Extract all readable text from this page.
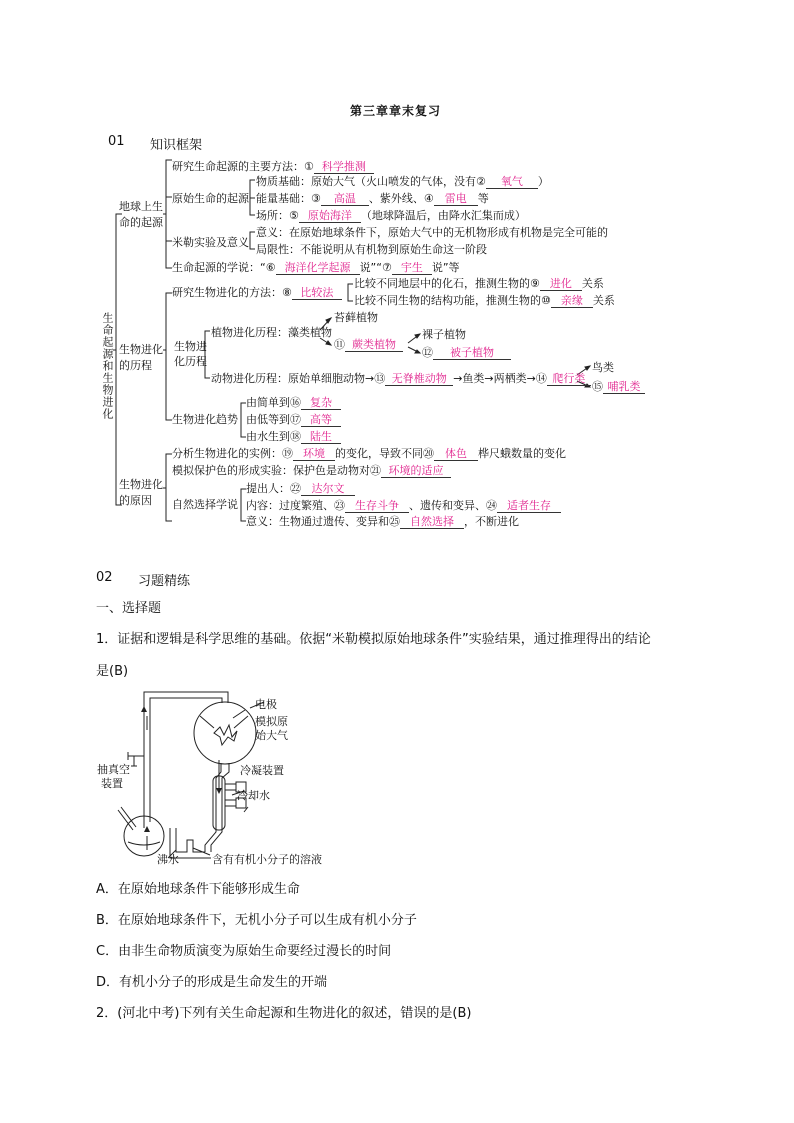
第三章章末复习
01 知识框架
生命起源和生物进化
地球上生
命的起源
研究生命起源的主要方法：① 科学推测
原始生命的起源
物质基础：原始大气（火山喷发的气体，没有② 氧气 ）
能量基础：③ 高温 、紫外线、④ 雷电 等
场所：⑤ 原始海洋 （地球降温后，由降水汇集而成）
米勒实验及意义
意义：在原始地球条件下，原始大气中的无机物形成有机物是完全可能的
局限性：不能说明从有机物到原始生命这一阶段
生命起源的学说：“⑥ 海洋化学起源 说”“⑦ 宇生 说”等
生物进化
的历程
研究生物进化的方法：⑧ 比较法
比较不同地层中的化石，推测生物的⑨ 进化 关系
比较不同生物的结构功能，推测生物的⑩ 亲缘 关系
生物进
化历程
植物进化历程：藻类植物
苔藓植物
⑪ 蕨类植物
裸子植物
⑫ 被子植物
动物进化历程：原始单细胞动物→⑬ 无脊椎动物 →鱼类→两栖类→⑭ 爬行类
鸟类
⑮ 哺乳类
生物进化趋势
由简单到⑯ 复杂
由低等到⑰ 高等
由水生到⑱ 陆生
生物进化
的原因
分析生物进化的实例：⑲ 环境 的变化，导致不同⑳ 体色 桦尺蛾数量的变化
模拟保护色的形成实验：保护色是动物对㉑ 环境的适应
自然选择学说
提出人：㉒ 达尔文
内容：过度繁殖、㉓ 生存斗争 、遗传和变异、㉔ 适者生存
意义：生物通过遗传、变异和㉕ 自然选择 ，不断进化
02 习题精练
一、选择题
1．证据和逻辑是科学思维的基础。依据“米勒模拟原始地球条件”实验结果，通过推理得出的结论
是(B)
电极
模拟原
始大气
抽真空
装置
冷凝装置
冷却水
沸水	含有有机小分子的溶液
A．在原始地球条件下能够形成生命
B．在原始地球条件下，无机小分子可以生成有机小分子
C．由非生命物质演变为原始生命要经过漫长的时间
D．有机小分子的形成是生命发生的开端
2．(河北中考)下列有关生命起源和生物进化的叙述，错误的是(B)
